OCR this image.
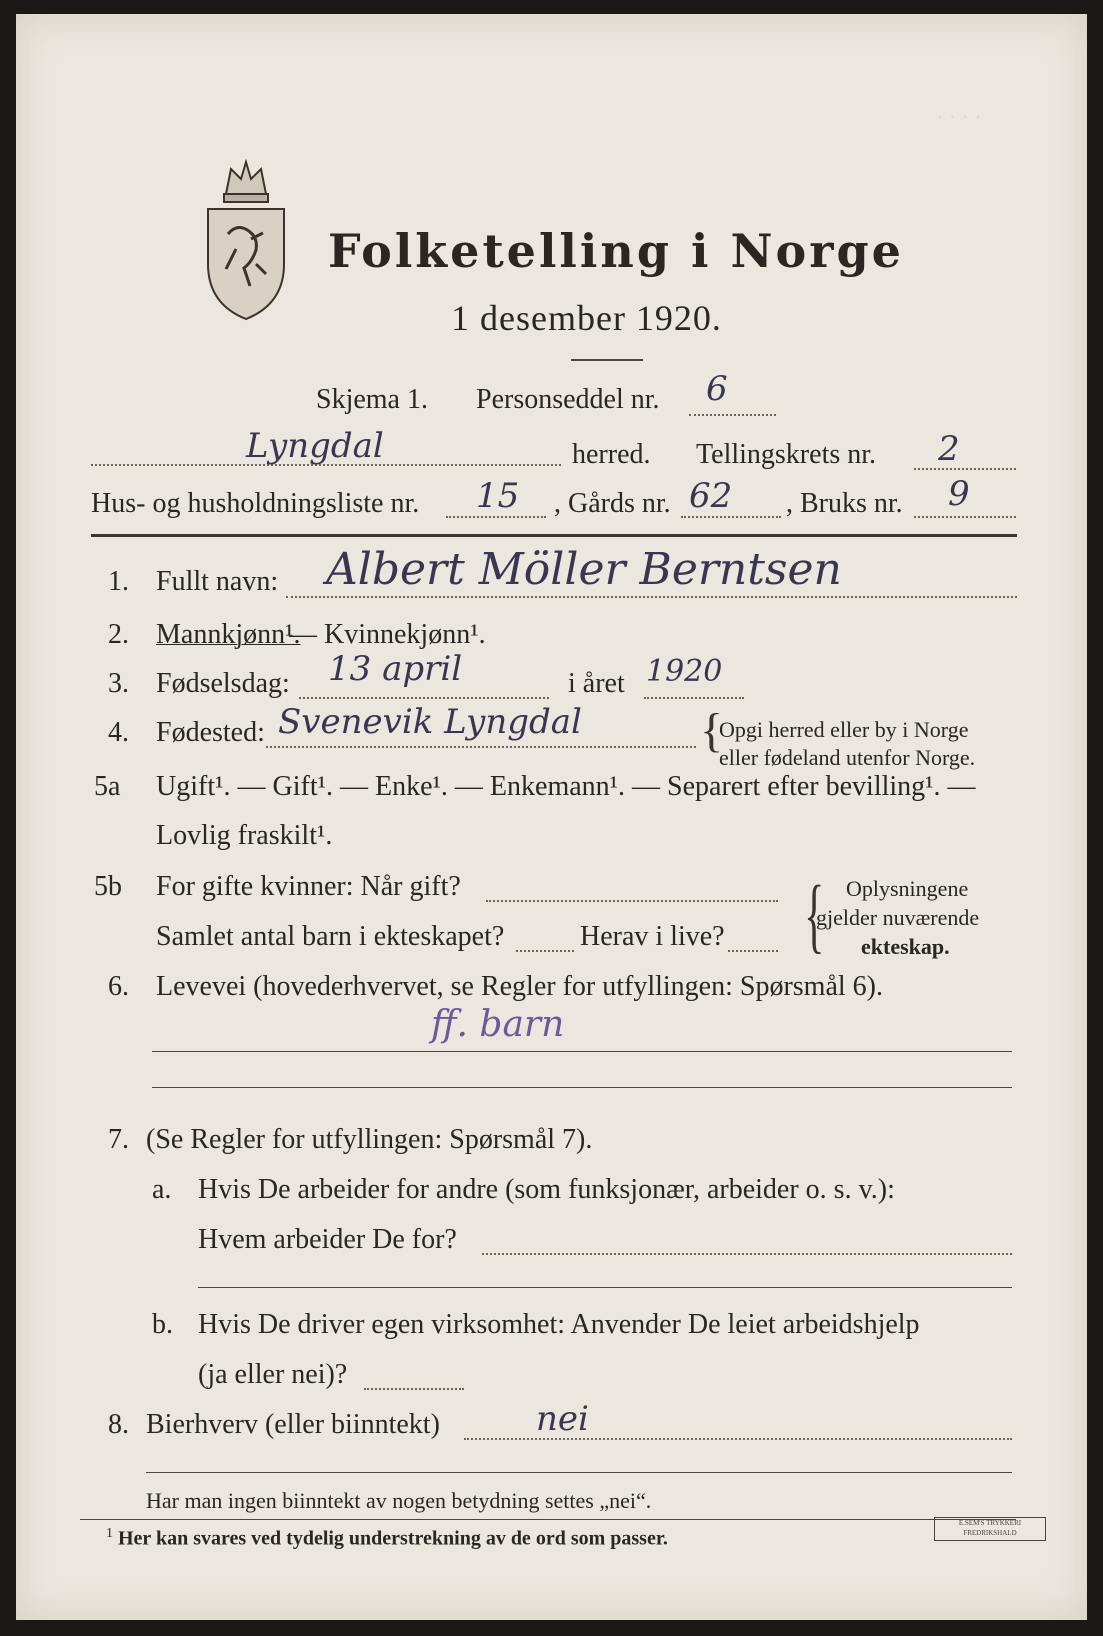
· · · ·
Folketelling i Norge
1 desember 1920.
Skjema 1. Personseddel nr. 6
Lyngdal	herred. Tellingskrets nr. 2
Hus- og husholdningsliste nr. 15 , Gårds nr. 62 , Bruks nr. 9
1. Fullt navn: Albert Möller Berntsen
2. Mannkjønn¹.
— Kvinnekjønn¹.
3. Fødselsdag: 13 april	i året 1920
4. Fødested: Svenevik Lyngdal {
Opgi herred eller by i Norge
eller fødeland utenfor Norge.
5a Ugift¹. — Gift¹. — Enke¹. — Enkemann¹. — Separert efter bevilling¹. —
Lovlig fraskilt¹.
5b For gifte kvinner: Når gift?
Samlet antal barn i ekteskapet?	Herav i live? { Oplysningene
gjelder nuværende
ekteskap.
6. Levevei (hovederhvervet, se Regler for utfyllingen: Spørsmål 6).
ff. barn
7. (Se Regler for utfyllingen: Spørsmål 7).
a. Hvis De arbeider for andre (som funksjonær, arbeider o. s. v.):
Hvem arbeider De for?
b. Hvis De driver egen virksomhet: Anvender De leiet arbeidshjelp
(ja eller nei)?
8. Bierhverv (eller biinntekt)	nei
Har man ingen biinntekt av nogen betydning settes „nei“.
$^1$ Her kan svares ved tydelig understrekning av de ord som passer.
E.SEM'S TRYKKERI FREDRIKSHALD
